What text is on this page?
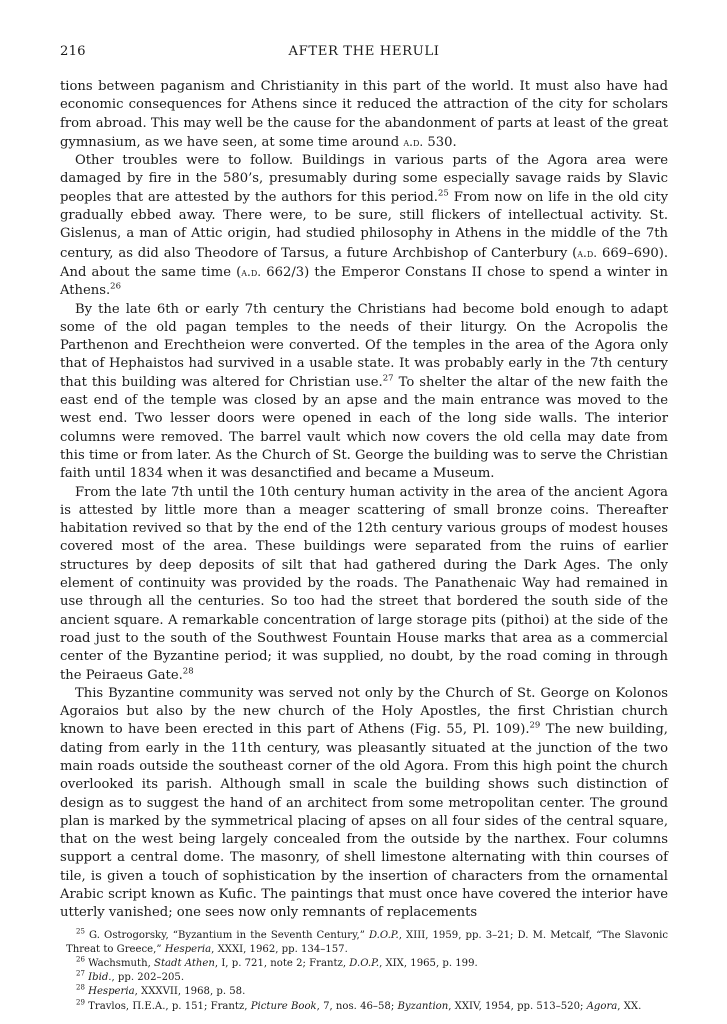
216	AFTER THE HERULI

tions between paganism and Christianity in this part of the world. It must also have had economic consequences for Athens since it reduced the attraction of the city for scholars from abroad. This may well be the cause for the abandonment of parts at least of the great gymnasium, as we have seen, at some time around a.d. 530.

Other troubles were to follow. Buildings in various parts of the Agora area were damaged by fire in the 580’s, presumably during some especially savage raids by Slavic peoples that are attested by the authors for this period.$^{25}$ From now on life in the old city gradually ebbed away. There were, to be sure, still flickers of intellectual activity. St. Gislenus, a man of Attic origin, had studied philosophy in Athens in the middle of the 7th century, as did also Theodore of Tarsus, a future Archbishop of Canterbury (a.d. 669–690). And about the same time (a.d. 662/3) the Emperor Constans II chose to spend a winter in Athens.$^{26}$

By the late 6th or early 7th century the Christians had become bold enough to adapt some of the old pagan temples to the needs of their liturgy. On the Acropolis the Parthenon and Erechtheion were converted. Of the temples in the area of the Agora only that of Hephaistos had survived in a usable state. It was probably early in the 7th century that this building was altered for Christian use.$^{27}$ To shelter the altar of the new faith the east end of the temple was closed by an apse and the main entrance was moved to the west end. Two lesser doors were opened in each of the long side walls. The interior columns were removed. The barrel vault which now covers the old cella may date from this time or from later. As the Church of St. George the building was to serve the Christian faith until 1834 when it was desanctified and became a Museum.

From the late 7th until the 10th century human activity in the area of the ancient Agora is attested by little more than a meager scattering of small bronze coins. Thereafter habitation revived so that by the end of the 12th century various groups of modest houses covered most of the area. These buildings were separated from the ruins of earlier structures by deep deposits of silt that had gathered during the Dark Ages. The only element of continuity was provided by the roads. The Panathenaic Way had remained in use through all the centuries. So too had the street that bordered the south side of the ancient square. A remarkable concentration of large storage pits (pithoi) at the side of the road just to the south of the Southwest Fountain House marks that area as a commercial center of the Byzantine period; it was supplied, no doubt, by the road coming in through the Peiraeus Gate.$^{28}$

This Byzantine community was served not only by the Church of St. George on Kolonos Agoraios but also by the new church of the Holy Apostles, the first Christian church known to have been erected in this part of Athens (Fig. 55, Pl. 109).$^{29}$ The new building, dating from early in the 11th century, was pleasantly situated at the junction of the two main roads outside the southeast corner of the old Agora. From this high point the church overlooked its parish. Although small in scale the building shows such distinction of design as to suggest the hand of an architect from some metropolitan center. The ground plan is marked by the symmetrical placing of apses on all four sides of the central square, that on the west being largely concealed from the outside by the narthex. Four columns support a central dome. The masonry, of shell limestone alternating with thin courses of tile, is given a touch of sophistication by the insertion of characters from the ornamental Arabic script known as Kufic. The paintings that must once have covered the interior have utterly vanished; one sees now only remnants of replacements

$^{25}$ G. Ostrogorsky, “Byzantium in the Seventh Century,” D.O.P., XIII, 1959, pp. 3–21; D. M. Metcalf, “The Slavonic Threat to Greece,” Hesperia, XXXI, 1962, pp. 134–157.

$^{26}$ Wachsmuth, Stadt Athen, I, p. 721, note 2; Frantz, D.O.P., XIX, 1965, p. 199.

$^{27}$ Ibid., pp. 202–205.

$^{28}$ Hesperia, XXXVII, 1968, p. 58.

$^{29}$ Travlos, Π.Ε.Α., p. 151; Frantz, Picture Book, 7, nos. 46–58; Byzantion, XXIV, 1954, pp. 513–520; Agora, XX.
